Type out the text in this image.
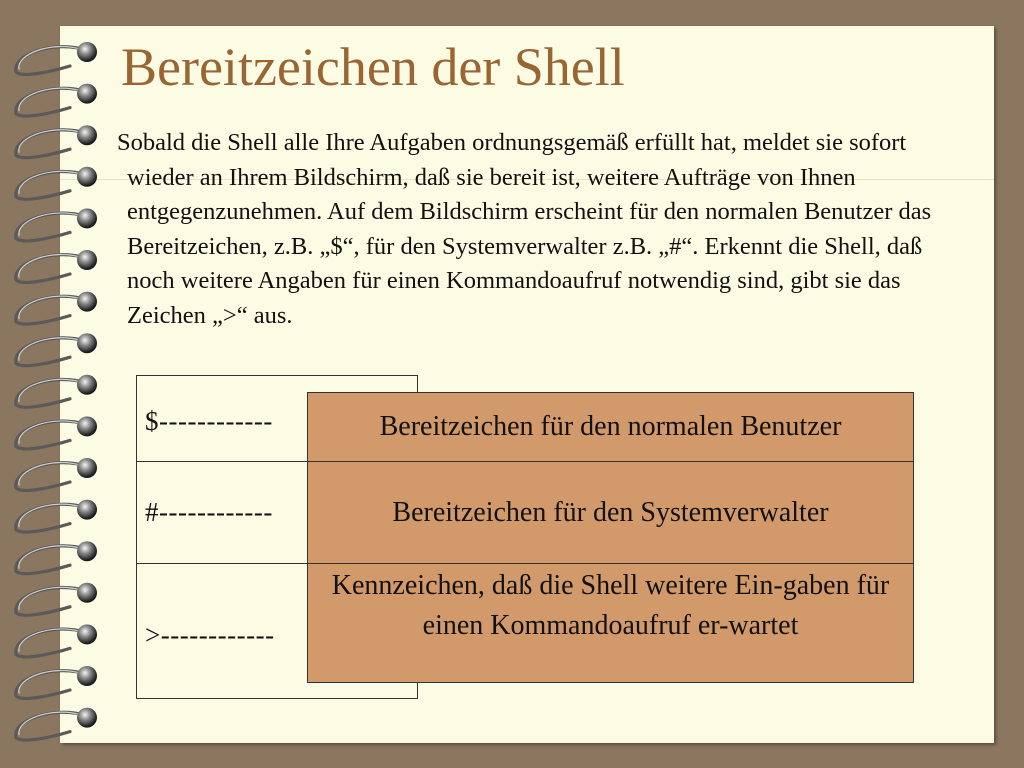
Bereitzeichen der Shell

Sobald die Shell alle Ihre Aufgaben ordnungsgemäß erfüllt hat, meldet sie sofort wieder an Ihrem Bildschirm, daß sie bereit ist, weitere Aufträge von Ihnen entgegenzunehmen. Auf dem Bildschirm erscheint für den normalen Benutzer das Bereitzeichen, z.B. „$“, für den Systemverwalter z.B. „#“. Erkennt die Shell, daß noch weitere Angaben für einen Kommandoaufruf notwendig sind, gibt sie das Zeichen „>“ aus.

$------------
#------------
>------------
Bereitzeichen für den normalen Benutzer
Bereitzeichen für den Systemverwalter
Kennzeichen, daß die Shell weitere Ein-gaben für einen Kommandoaufruf er-wartet
